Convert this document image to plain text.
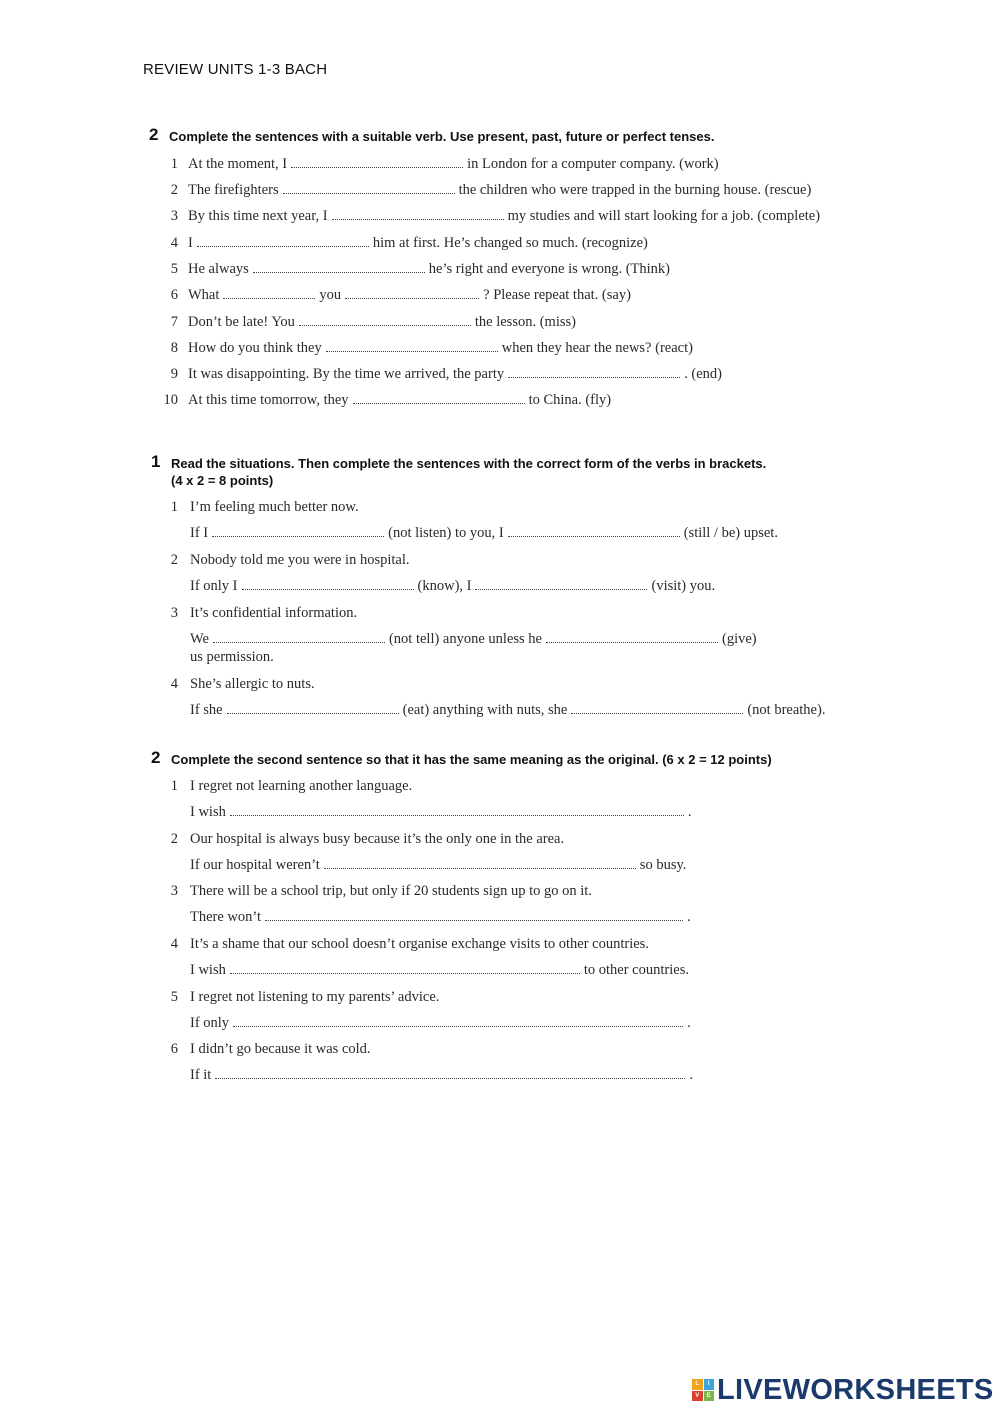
REVIEW UNITS 1-3 BACH
2 Complete the sentences with a suitable verb. Use present, past, future or perfect tenses.
1 At the moment, I	in London for a computer company. (work)
2 The firefighters	the children who were trapped in the burning house. (rescue)
3 By this time next year, I	my studies and will start looking for a job. (complete)
4 I	him at first. He’s changed so much. (recognize)
5 He always	he’s right and everyone is wrong. (Think)
6 What	you	? Please repeat that. (say)
7 Don’t be late! You	the lesson. (miss)
8 How do you think they	when they hear the news? (react)
9 It was disappointing. By the time we arrived, the party	. (end)
10 At this time tomorrow, they	to China. (fly)
1 Read the situations. Then complete the sentences with the correct form of the verbs in brackets.
(4 x 2 = 8 points)
1 I’m feeling much better now.
If I	(not listen) to you, I	(still / be) upset.
2 Nobody told me you were in hospital.
If only I	(know), I	(visit) you.
3 It’s confidential information.
We	(not tell) anyone unless he	(give)
us permission.
4 She’s allergic to nuts.
If she	(eat) anything with nuts, she	(not breathe).
2 Complete the second sentence so that it has the same meaning as the original. (6 x 2 = 12 points)
1 I regret not learning another language.
I wish	.
2 Our hospital is always busy because it’s the only one in the area.
If our hospital weren’t	so busy.
3 There will be a school trip, but only if 20 students sign up to go on it.
There won’t	.
4 It’s a shame that our school doesn’t organise exchange visits to other countries.
I wish	to other countries.
5 I regret not listening to my parents’ advice.
If only	.
6 I didn’t go because it was cold.
If it	.
L	I
V	E LIVEWORKSHEETS
